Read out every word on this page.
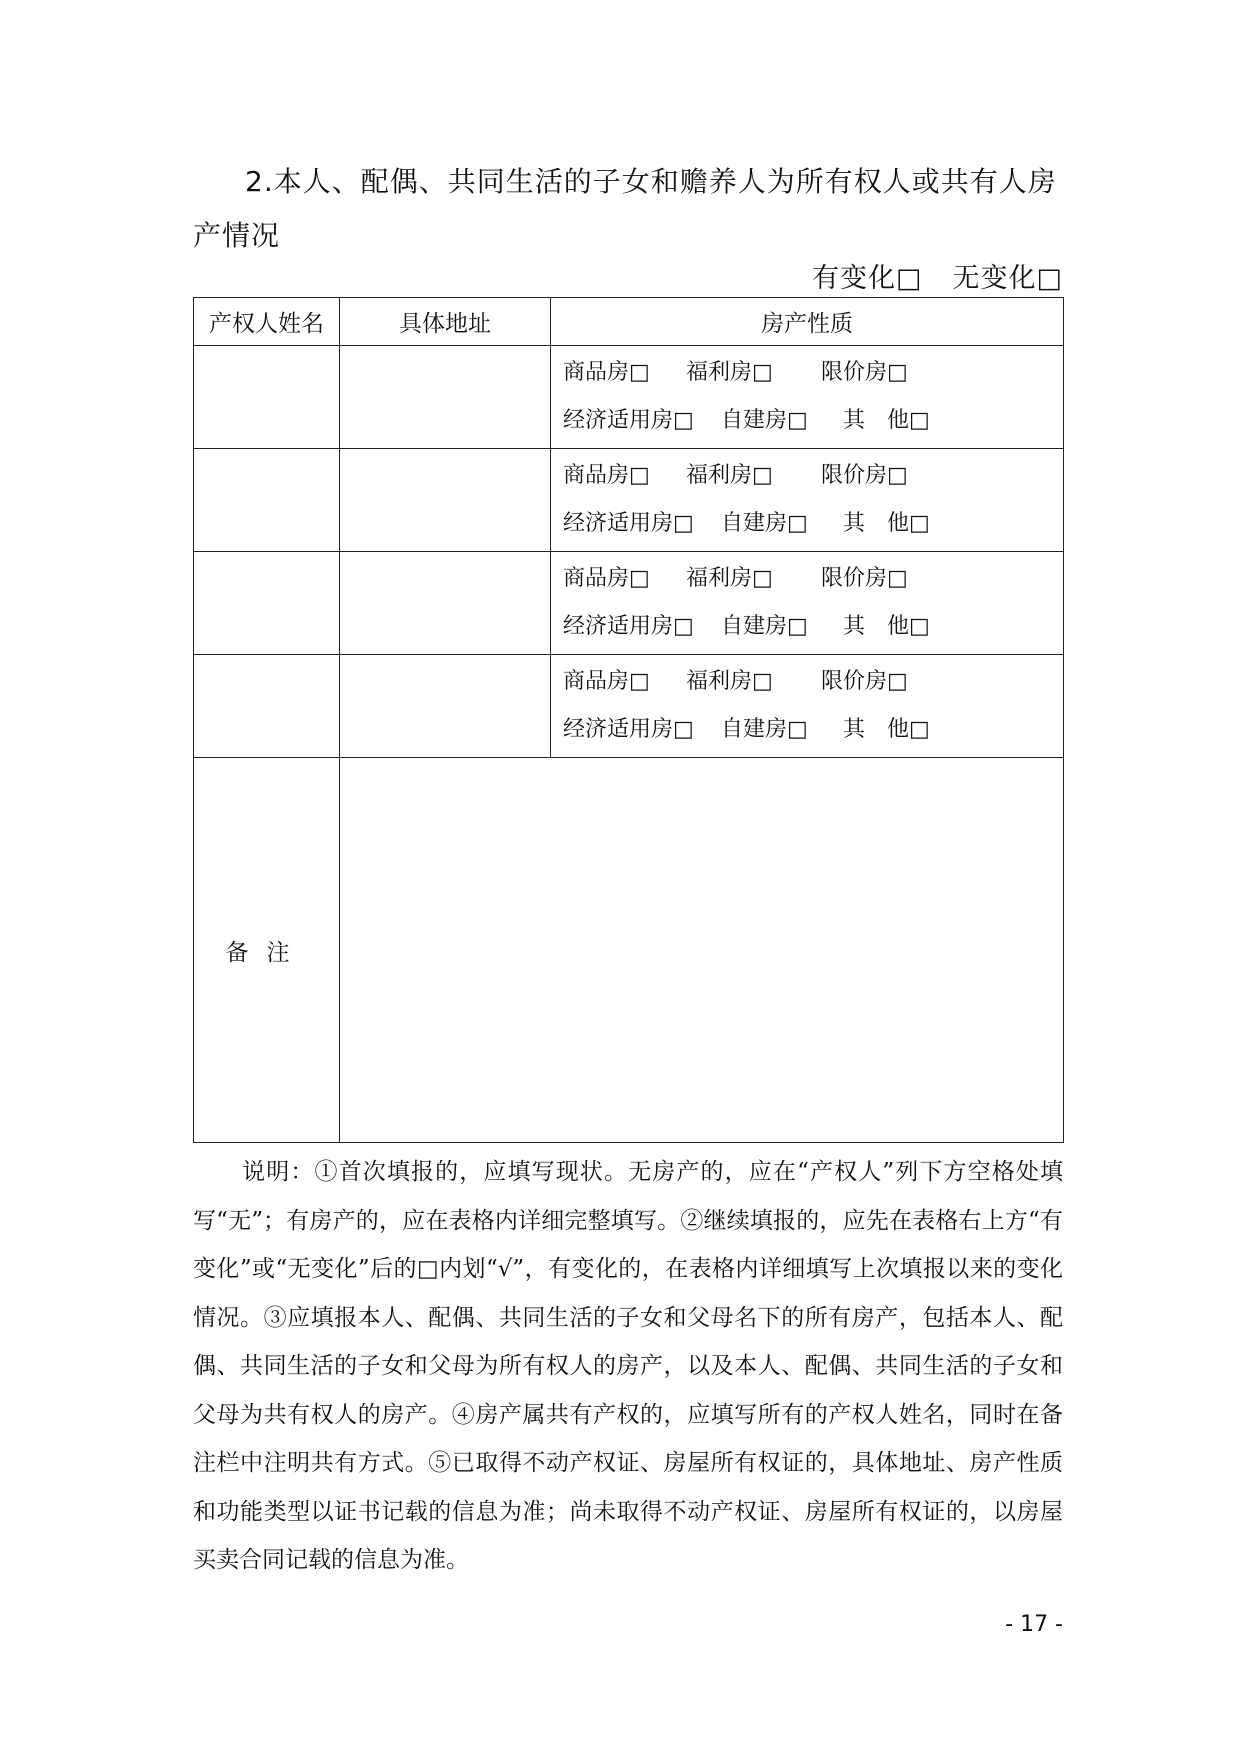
2.本人、配偶、共同生活的子女和赡养人为所有权人或共有人房
产情况
有变化□ 无变化□
产权人姓名	具体地址	房产性质

		商品房□ 福利房□ 限价房□
经济适用房□ 自建房□ 其　他□

		商品房□ 福利房□ 限价房□
经济适用房□ 自建房□ 其　他□

		商品房□ 福利房□ 限价房□
经济适用房□ 自建房□ 其　他□

		商品房□ 福利房□ 限价房□
经济适用房□ 自建房□ 其　他□

备注		
说明：①首次填报的，应填写现状。无房产的，应在“产权人”列下方空格处填写“无”；有房产的，应在表格内详细完整填写。②继续填报的，应先在表格右上方“有变化”或“无变化”后的□内划“√”，有变化的，在表格内详细填写上次填报以来的变化情况。③应填报本人、配偶、共同生活的子女和父母名下的所有房产，包括本人、配偶、共同生活的子女和父母为所有权人的房产，以及本人、配偶、共同生活的子女和父母为共有权人的房产。④房产属共有产权的，应填写所有的产权人姓名，同时在备注栏中注明共有方式。⑤已取得不动产权证、房屋所有权证的，具体地址、房产性质和功能类型以证书记载的信息为准；尚未取得不动产权证、房屋所有权证的，以房屋买卖合同记载的信息为准。
- 17 -
